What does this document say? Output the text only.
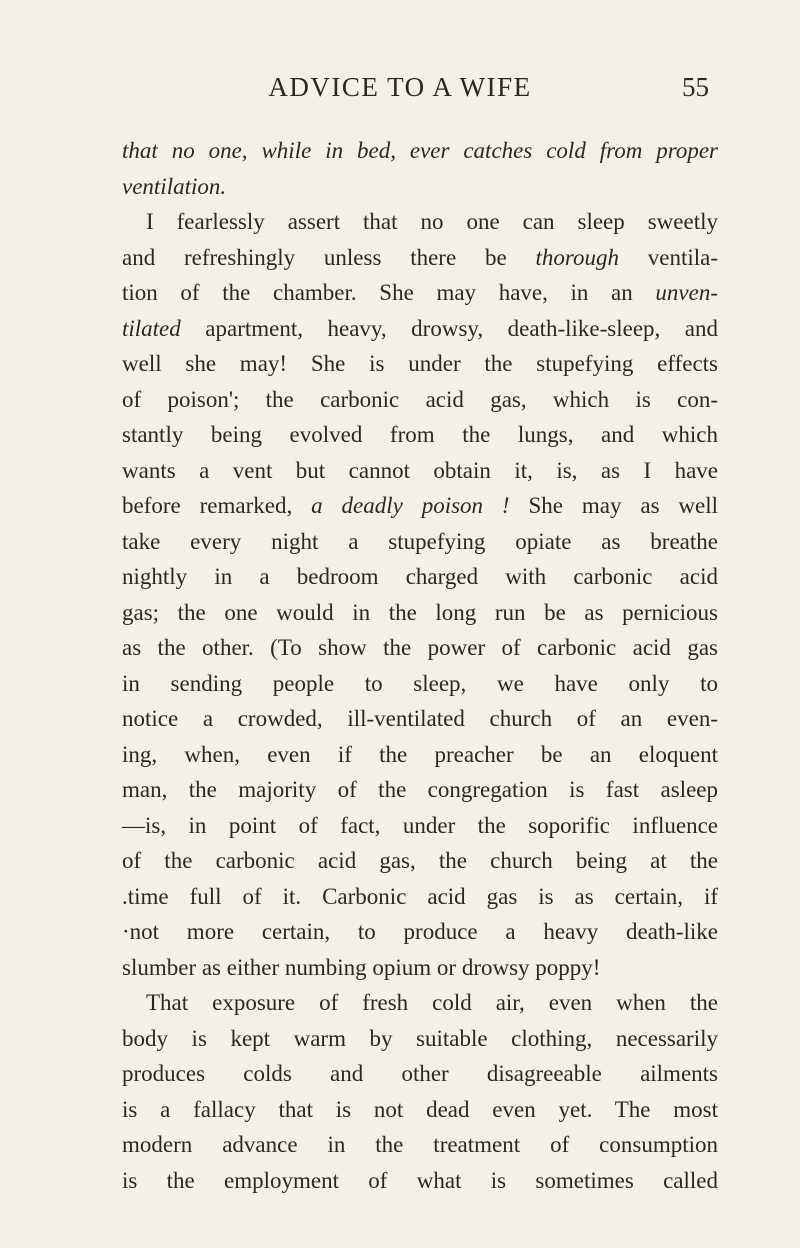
ADVICE TO A WIFE	55
that no one, while in bed, ever catches cold from proper
ventilation.
I fearlessly assert that no one can sleep sweetly
and refreshingly unless there be thorough ventila-
tion of the chamber. She may have, in an unven-
tilated apartment, heavy, drowsy, death-like-sleep, and
well she may! She is under the stupefying effects
of poison'; the carbonic acid gas, which is con-
stantly being evolved from the lungs, and which
wants a vent but cannot obtain it, is, as I have
before remarked, a deadly poison ! She may as well
take every night a stupefying opiate as breathe
nightly in a bedroom charged with carbonic acid
gas; the one would in the long run be as pernicious
as the other. (To show the power of carbonic acid gas
in sending people to sleep, we have only to
notice a crowded, ill-ventilated church of an even-
ing, when, even if the preacher be an eloquent
man, the majority of the congregation is fast asleep
—is, in point of fact, under the soporific influence
of the carbonic acid gas, the church being at the
.time full of it. Carbonic acid gas is as certain, if
·not more certain, to produce a heavy death-like
slumber as either numbing opium or drowsy poppy!
That exposure of fresh cold air, even when the
body is kept warm by suitable clothing, necessarily
produces colds and other disagreeable ailments
is a fallacy that is not dead even yet. The most
modern advance in the treatment of consumption
is the employment of what is sometimes called
